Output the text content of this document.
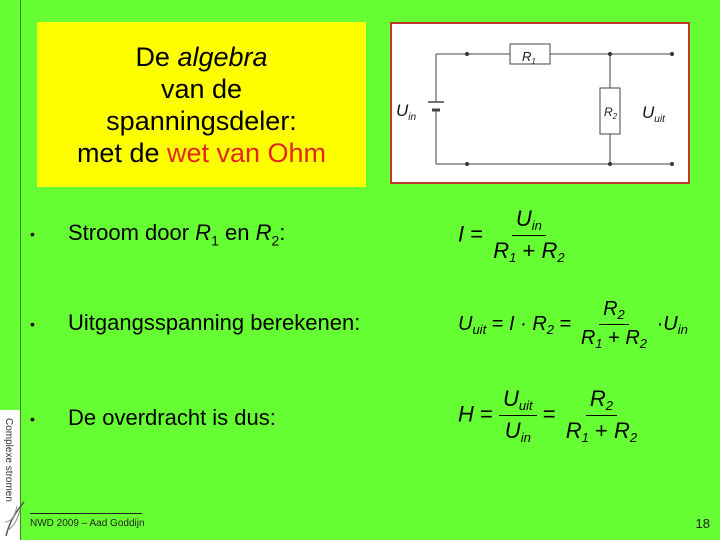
De algebra
van de
spanningsdeler:
met de wet van Ohm
$R_1$
$R_2$
$U_{in}$	$U_{uit}$
• Stroom door $R_1$ en $R_2$:	$I = \frac{U_{in}}{R_1 + R_2}$
• Uitgangsspanning berekenen:	$U_{uit} = I \cdot R_2 = \frac{R_2}{R_1 + R_2} \cdot U_{in}$
• De overdracht is dus:	$H = \frac{U_{uit}}{U_{in}} = \frac{R_2}{R_1 + R_2}$
Complexe stromen
NWD 2009 – Aad Goddijn	18
